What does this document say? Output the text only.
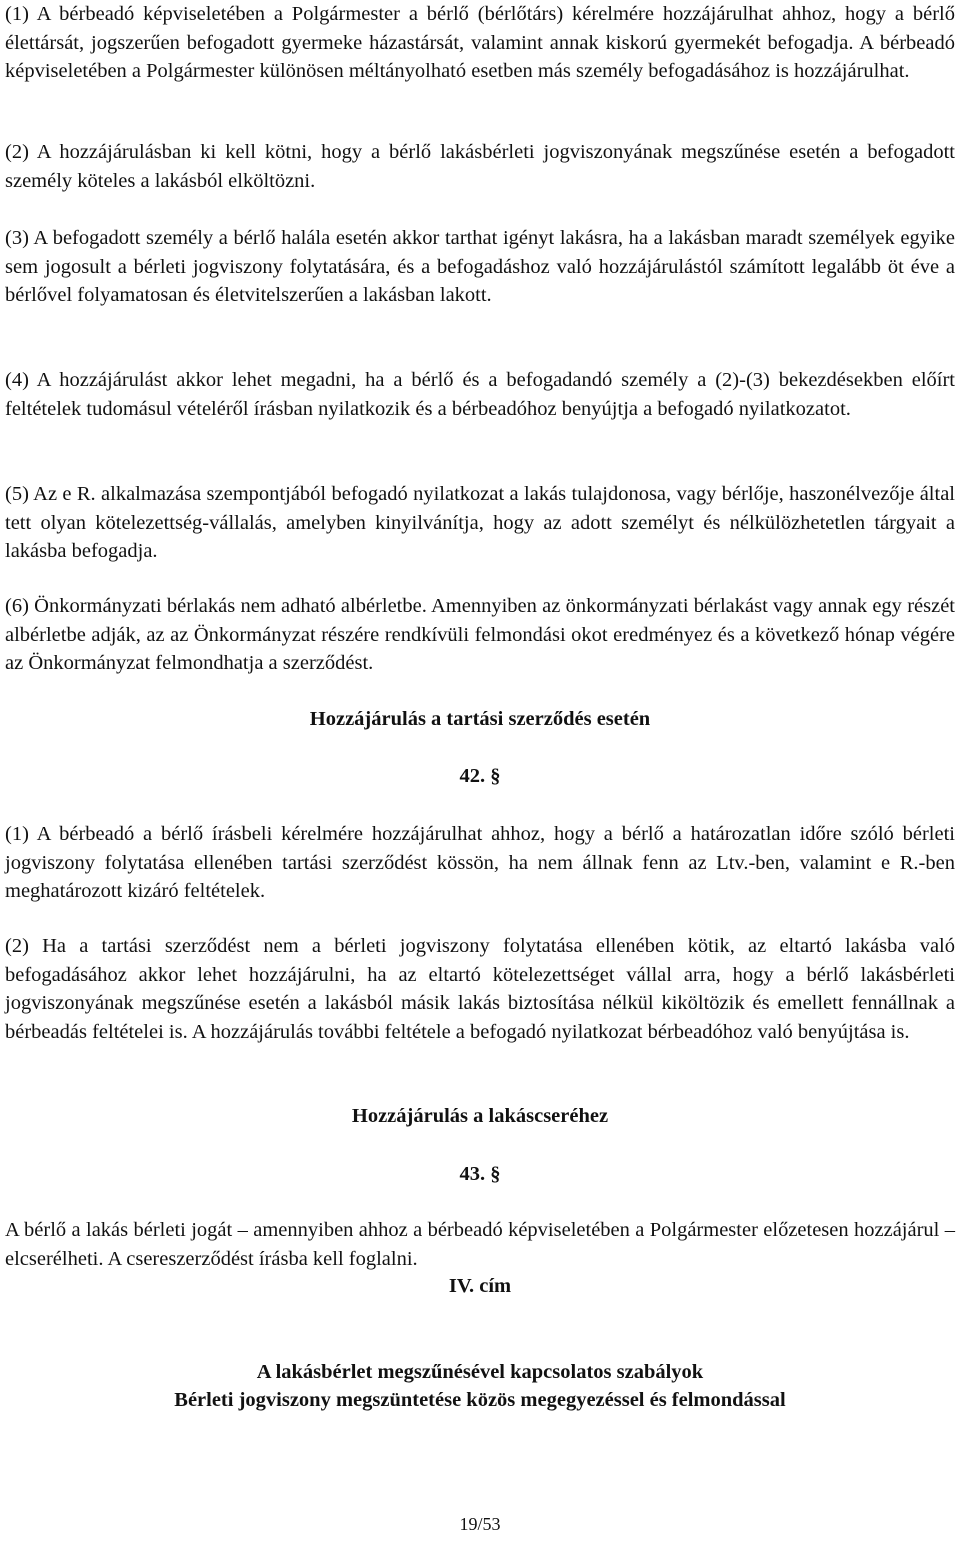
(1) A bérbeadó képviseletében a Polgármester a bérlő (bérlőtárs) kérelmére hozzájárulhat ahhoz, hogy a bérlő élettársát, jogszerűen befogadott gyermeke házastársát, valamint annak kiskorú gyermekét befogadja. A bérbeadó képviseletében a Polgármester különösen méltányolható esetben más személy befogadásához is hozzájárulhat.

(2) A hozzájárulásban ki kell kötni, hogy a bérlő lakásbérleti jogviszonyának megszűnése esetén a befogadott személy köteles a lakásból elköltözni.

(3) A befogadott személy a bérlő halála esetén akkor tarthat igényt lakásra, ha a lakásban maradt személyek egyike sem jogosult a bérleti jogviszony folytatására, és a befogadáshoz való hozzájárulástól számított legalább öt éve a bérlővel folyamatosan és életvitelszerűen a lakásban lakott.

(4) A hozzájárulást akkor lehet megadni, ha a bérlő és a befogadandó személy a (2)-(3) bekezdésekben előírt feltételek tudomásul vételéről írásban nyilatkozik és a bérbeadóhoz benyújtja a befogadó nyilatkozatot.

(5) Az e R. alkalmazása szempontjából befogadó nyilatkozat a lakás tulajdonosa, vagy bérlője, haszonélvezője által tett olyan kötelezettség-vállalás, amelyben kinyilvánítja, hogy az adott személyt és nélkülözhetetlen tárgyait a lakásba befogadja.

(6) Önkormányzati bérlakás nem adható albérletbe. Amennyiben az önkormányzati bérlakást vagy annak egy részét albérletbe adják, az az Önkormányzat részére rendkívüli felmondási okot eredményez és a következő hónap végére az Önkormányzat felmondhatja a szerződést.

Hozzájárulás a tartási szerződés esetén

42. §

(1) A bérbeadó a bérlő írásbeli kérelmére hozzájárulhat ahhoz, hogy a bérlő a határozatlan időre szóló bérleti jogviszony folytatása ellenében tartási szerződést kössön, ha nem állnak fenn az Ltv.-ben, valamint e R.-ben meghatározott kizáró feltételek.

(2) Ha a tartási szerződést nem a bérleti jogviszony folytatása ellenében kötik, az eltartó lakásba való befogadásához akkor lehet hozzájárulni, ha az eltartó kötelezettséget vállal arra, hogy a bérlő lakásbérleti jogviszonyának megszűnése esetén a lakásból másik lakás biztosítása nélkül kiköltözik és emellett fennállnak a bérbeadás feltételei is. A hozzájárulás további feltétele a befogadó nyilatkozat bérbeadóhoz való benyújtása is.

Hozzájárulás a lakáscseréhez

43. §

A bérlő a lakás bérleti jogát – amennyiben ahhoz a bérbeadó képviseletében a Polgármester előzetesen hozzájárul – elcserélheti. A csereszerződést írásba kell foglalni.

IV. cím

A lakásbérlet megszűnésével kapcsolatos szabályok

Bérleti jogviszony megszüntetése közös megegyezéssel és felmondással

19/53
